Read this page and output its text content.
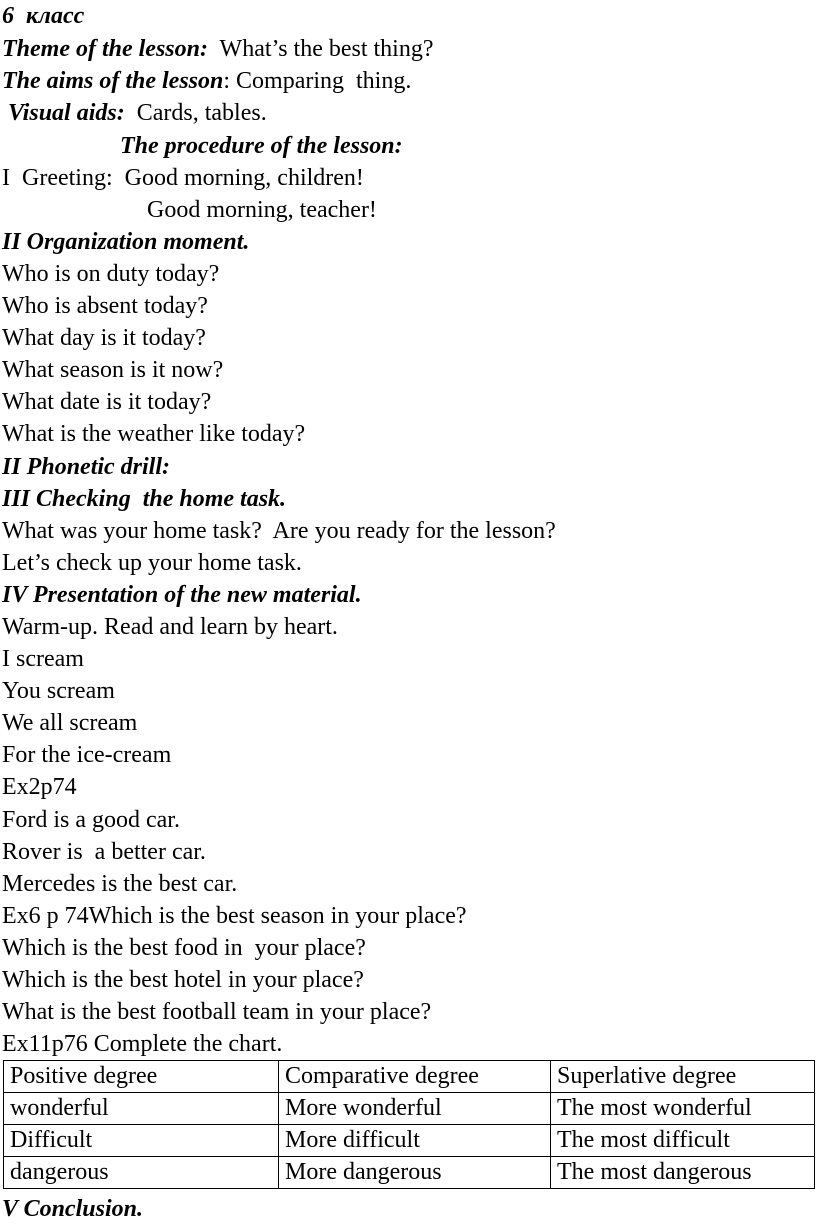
6  класс
Theme of the lesson:  What’s the best thing?
The aims of the lesson: Comparing  thing.
Visual aids:  Cards, tables.
The procedure of the lesson:
I  Greeting:  Good morning, children!
Good morning, teacher!
II Organization moment.
Who is on duty today?
Who is absent today?
What day is it today?
What season is it now?
What date is it today?
What is the weather like today?
II Phonetic drill:
III Checking  the home task.
What was your home task?  Are you ready for the lesson?
Let’s check up your home task.
IV Presentation of the new material.
Warm-up. Read and learn by heart.
I scream
You scream
We all scream
For the ice-cream
Ex2p74
Ford is a good car.
Rover is  a better car.
Mercedes is the best car.
Ex6 p 74Which is the best season in your place?
Which is the best food in  your place?
Which is the best hotel in your place?
What is the best football team in your place?
Ex11p76 Complete the chart.
Positive degree	Comparative degree	Superlative degree
wonderful	More wonderful	The most wonderful
Difficult	More difficult	The most difficult
dangerous	More dangerous	The most dangerous
V Conclusion.
